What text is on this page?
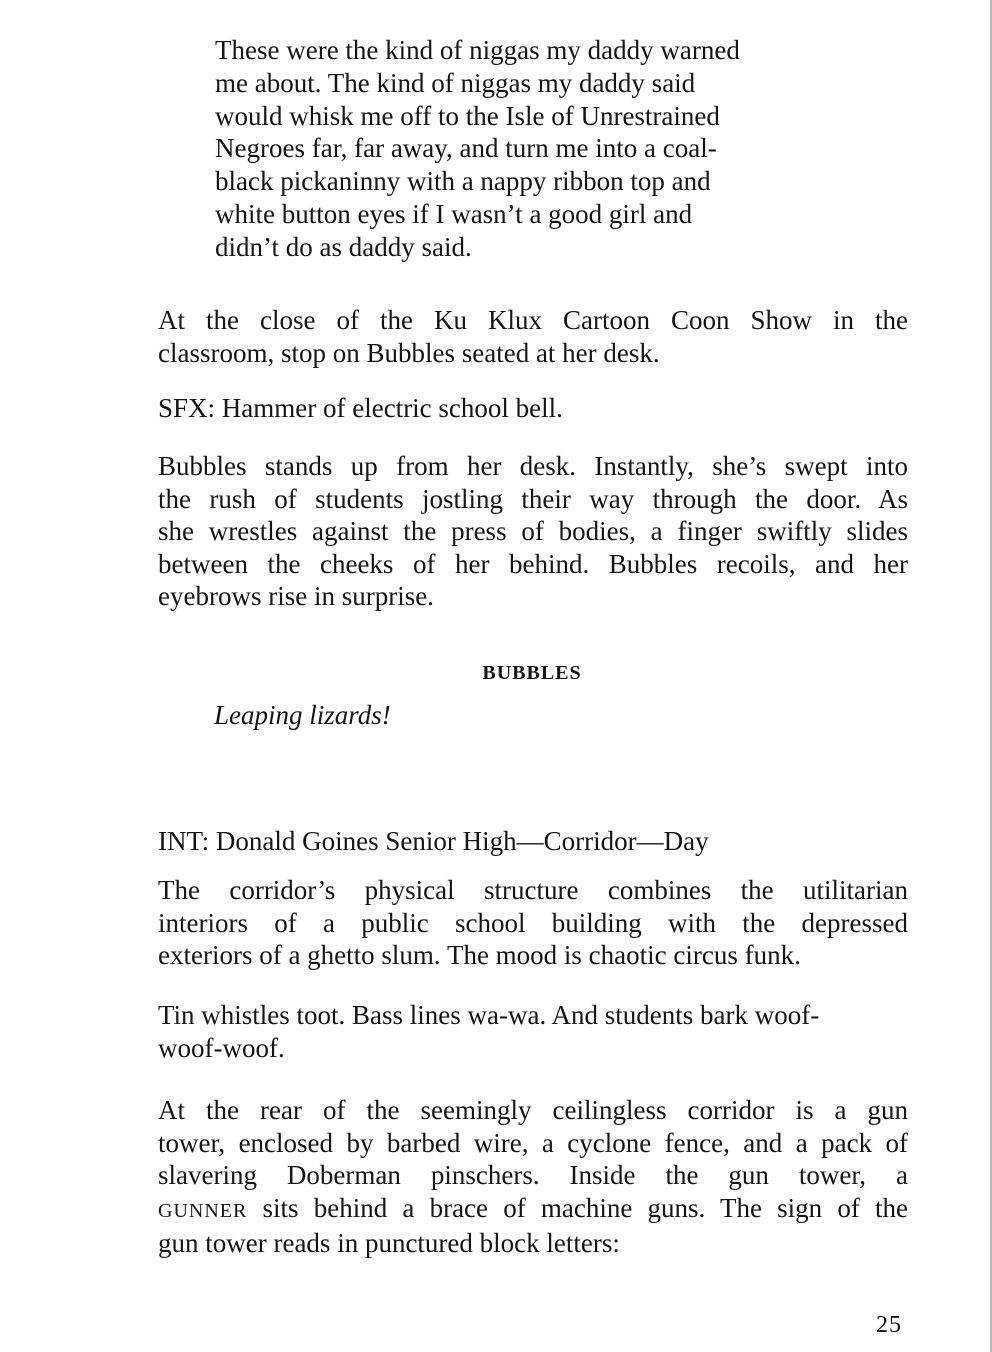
These were the kind of niggas my daddy warned
me about. The kind of niggas my daddy said
would whisk me off to the Isle of Unrestrained
Negroes far, far away, and turn me into a coal-
black pickaninny with a nappy ribbon top and
white button eyes if I wasn’t a good girl and
didn’t do as daddy said.
At the close of the Ku Klux Cartoon Coon Show in the
classroom, stop on Bubbles seated at her desk.
SFX: Hammer of electric school bell.
Bubbles stands up from her desk. Instantly, she’s swept into
the rush of students jostling their way through the door. As
she wrestles against the press of bodies, a finger swiftly slides
between the cheeks of her behind. Bubbles recoils, and her
eyebrows rise in surprise.
BUBBLES
Leaping lizards!
INT: Donald Goines Senior High—Corridor—Day
The corridor’s physical structure combines the utilitarian
interiors of a public school building with the depressed
exteriors of a ghetto slum. The mood is chaotic circus funk.
Tin whistles toot. Bass lines wa-wa. And students bark woof-
woof-woof.
At the rear of the seemingly ceilingless corridor is a gun
tower, enclosed by barbed wire, a cyclone fence, and a pack of
slavering Doberman pinschers. Inside the gun tower, a
GUNNER sits behind a brace of machine guns. The sign of the
gun tower reads in punctured block letters:
25
